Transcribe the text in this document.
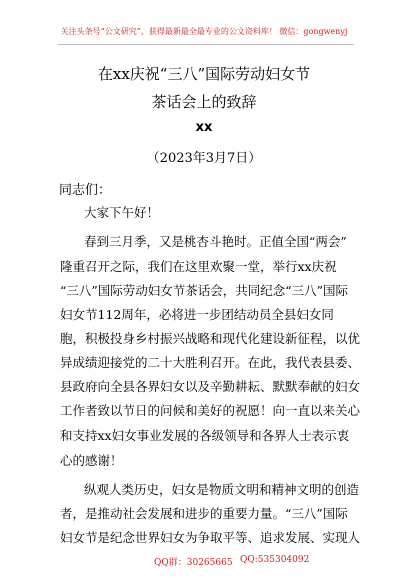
关注头条号“公文研究”，获得最新最全最专业的公文资料库！ 微信：gongwenyj
在xx庆祝“三八”国际劳动妇女节
茶话会上的致辞
xx
（2023年3月7日）
同志们：
大家下午好！
春到三月季，又是桃杏斗艳时。正值全国“两会”
隆重召开之际，我们在这里欢聚一堂，举行xx庆祝
“三八”国际劳动妇女节茶话会，共同纪念“三八”国际
妇女节112周年，必将进一步团结动员全县妇女同
胞，积极投身乡村振兴战略和现代化建设新征程，以优
异成绩迎接党的二十大胜利召开。在此，我代表县委、
县政府向全县各界妇女以及辛勤耕耘、默默奉献的妇女
工作者致以节日的问候和美好的祝愿！向一直以来关心
和支持xx妇女事业发展的各级领导和各界人士表示衷
心的感谢！
纵观人类历史，妇女是物质文明和精神文明的创造
者，是推动社会发展和进步的重要力量。“三八”国际
妇女节是纪念世界妇女为争取平等、追求发展、实现人
QQ群：30265665 QQ:535304092
